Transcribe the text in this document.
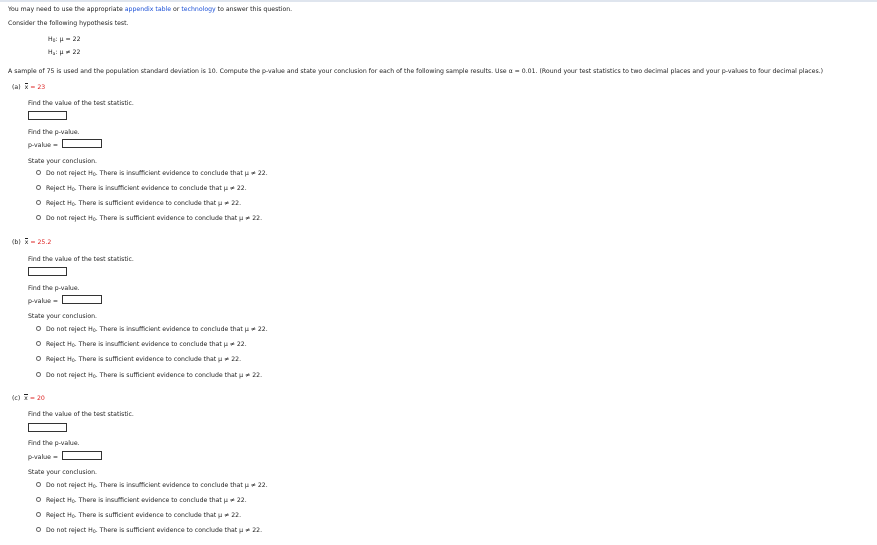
You may need to use the appropriate appendix table or technology to answer this question.
Consider the following hypothesis test.
$H_0$: μ = 22
$H_a$: μ ≠ 22
A sample of 75 is used and the population standard deviation is 10. Compute the p-value and state your conclusion for each of the following sample results. Use α = 0.01. (Round your test statistics to two decimal places and your p-values to four decimal places.)
(a) x = 23
Find the value of the test statistic.
Find the p-value.
p-value =
State your conclusion.
Do not reject $H_0$. There is insufficient evidence to conclude that μ ≠ 22.
Reject $H_0$. There is insufficient evidence to conclude that μ ≠ 22.
Reject $H_0$. There is sufficient evidence to conclude that μ ≠ 22.
Do not reject $H_0$. There is sufficient evidence to conclude that μ ≠ 22.
(b) x = 25.2
Find the value of the test statistic.
Find the p-value.
p-value =
State your conclusion.
Do not reject $H_0$. There is insufficient evidence to conclude that μ ≠ 22.
Reject $H_0$. There is insufficient evidence to conclude that μ ≠ 22.
Reject $H_0$. There is sufficient evidence to conclude that μ ≠ 22.
Do not reject $H_0$. There is sufficient evidence to conclude that μ ≠ 22.
(c) x = 20
Find the value of the test statistic.
Find the p-value.
p-value =
State your conclusion.
Do not reject $H_0$. There is insufficient evidence to conclude that μ ≠ 22.
Reject $H_0$. There is insufficient evidence to conclude that μ ≠ 22.
Reject $H_0$. There is sufficient evidence to conclude that μ ≠ 22.
Do not reject $H_0$. There is sufficient evidence to conclude that μ ≠ 22.
